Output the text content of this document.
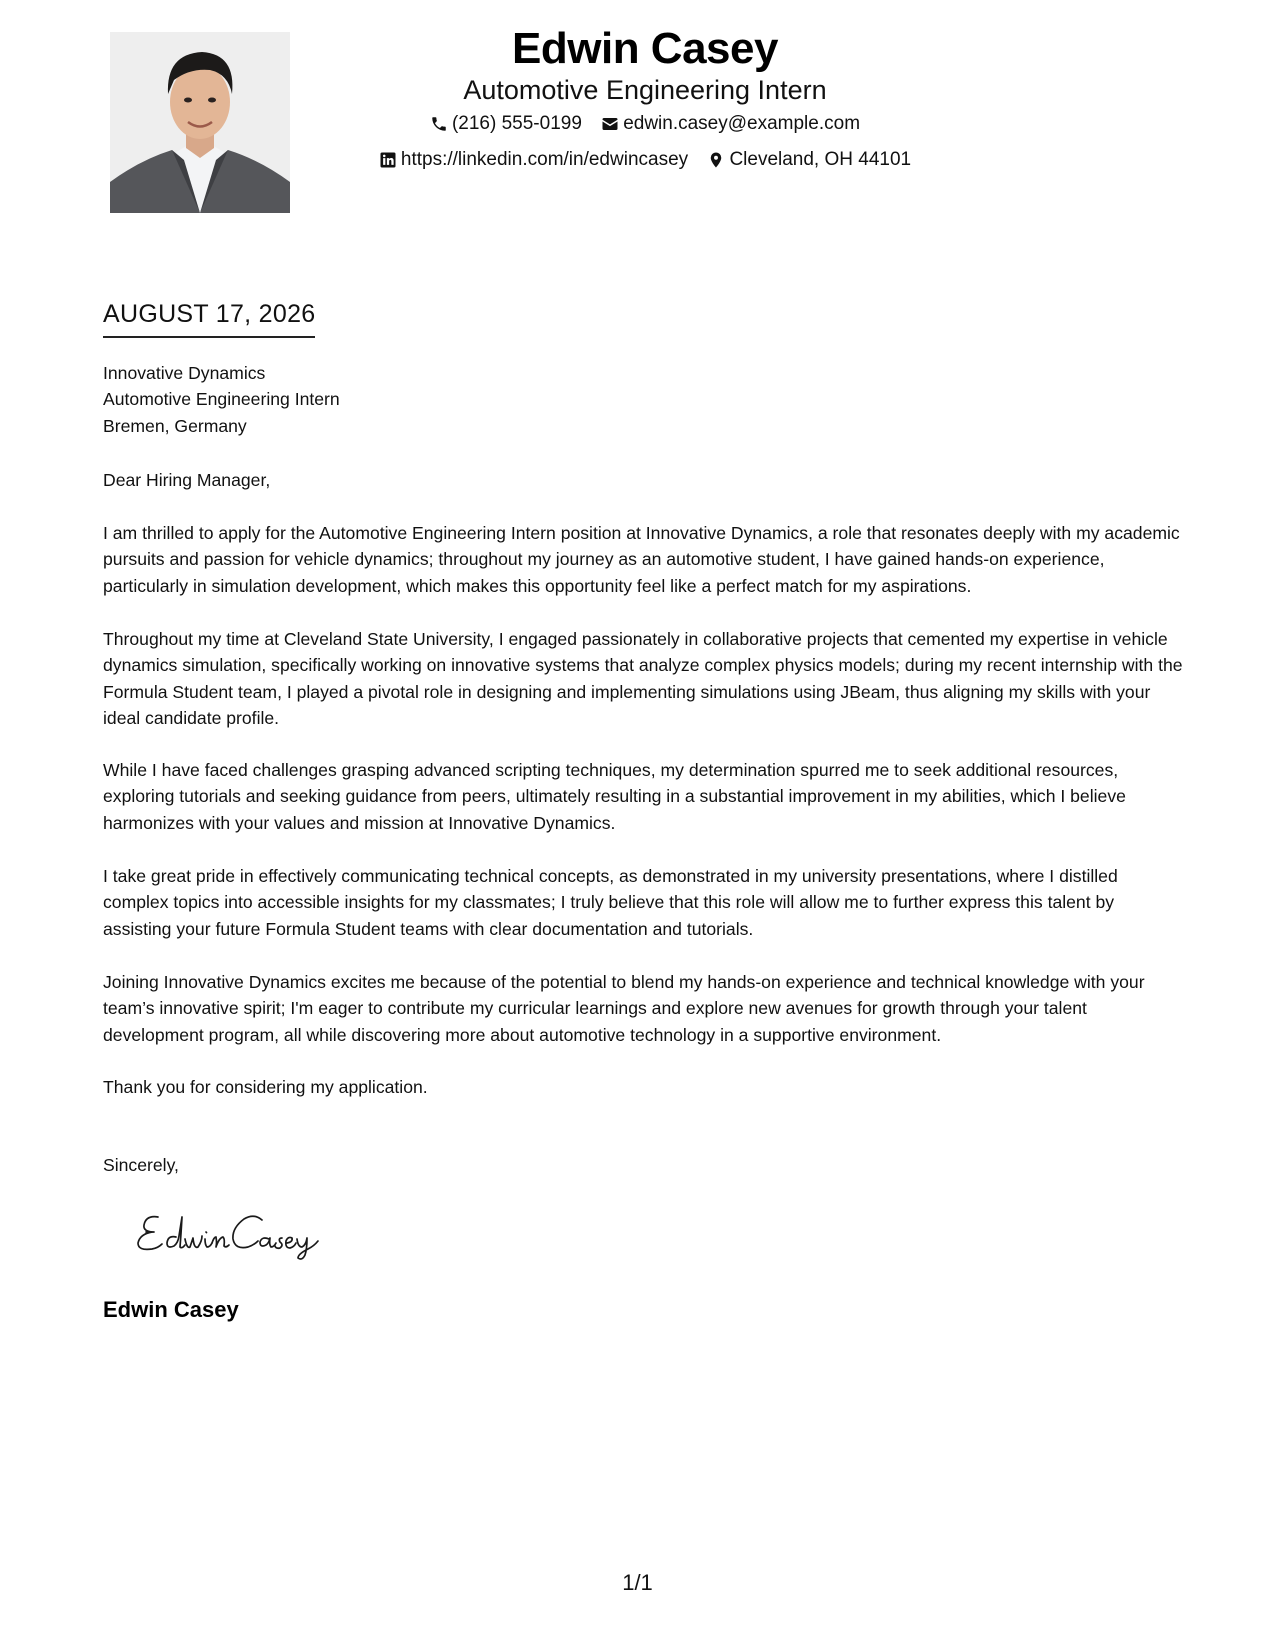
Edwin Casey
Automotive Engineering Intern
(216) 555-0199
edwin.casey@example.com
https://linkedin.com/in/edwincasey
Cleveland, OH 44101
AUGUST 17, 2026
Innovative Dynamics
Automotive Engineering Intern
Bremen, Germany
Dear Hiring Manager,

I am thrilled to apply for the Automotive Engineering Intern position at Innovative Dynamics, a role that resonates deeply with my academic pursuits and passion for vehicle dynamics; throughout my journey as an automotive student, I have gained hands-on experience, particularly in simulation development, which makes this opportunity feel like a perfect match for my aspirations.

Throughout my time at Cleveland State University, I engaged passionately in collaborative projects that cemented my expertise in vehicle dynamics simulation, specifically working on innovative systems that analyze complex physics models; during my recent internship with the Formula Student team, I played a pivotal role in designing and implementing simulations using JBeam, thus aligning my skills with your ideal candidate profile.

While I have faced challenges grasping advanced scripting techniques, my determination spurred me to seek additional resources, exploring tutorials and seeking guidance from peers, ultimately resulting in a substantial improvement in my abilities, which I believe harmonizes with your values and mission at Innovative Dynamics.

I take great pride in effectively communicating technical concepts, as demonstrated in my university presentations, where I distilled complex topics into accessible insights for my classmates; I truly believe that this role will allow me to further express this talent by assisting your future Formula Student teams with clear documentation and tutorials.

Joining Innovative Dynamics excites me because of the potential to blend my hands-on experience and technical knowledge with your team’s innovative spirit; I'm eager to contribute my curricular learnings and explore new avenues for growth through your talent development program, all while discovering more about automotive technology in a supportive environment.

Thank you for considering my application.

Sincerely,
Edwin Casey
1/1
